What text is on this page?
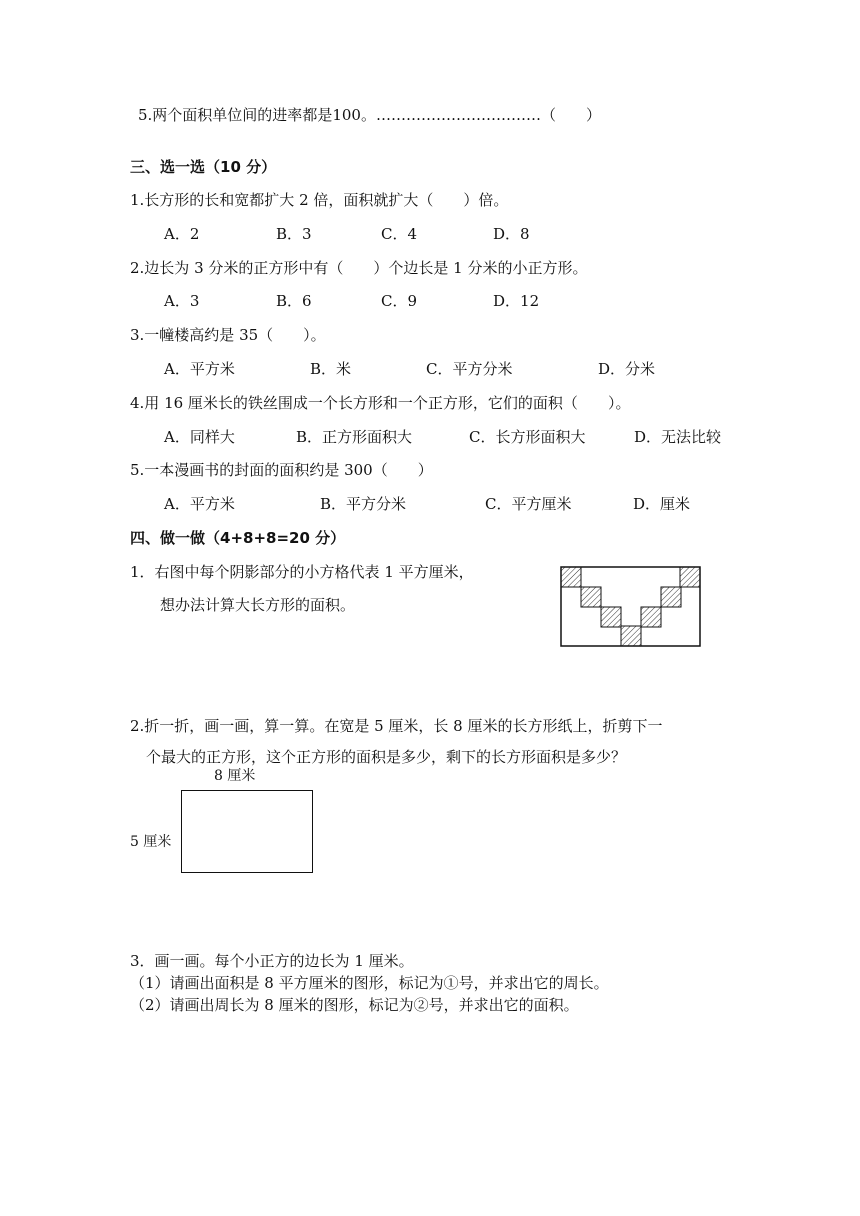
5.两个面积单位间的进率都是100。……………………………（　　）
三、选一选（10 分）
1.长方形的长和宽都扩大 2 倍，面积就扩大（　　）倍。
A．2	B．3	C．4	D．8
2.边长为 3 分米的正方形中有（　　）个边长是 1 分米的小正方形。
A．3	B．6	C．9	D．12
3.一幢楼高约是 35（　　）。
A．平方米	B．米	C．平方分米	D．分米
4.用 16 厘米长的铁丝围成一个长方形和一个正方形，它们的面积（　　）。
A．同样大	B．正方形面积大	C．长方形面积大	D．无法比较
5.一本漫画书的封面的面积约是 300（　　）
A．平方米	B．平方分米	C．平方厘米	D．厘米
四、做一做（4+8+8=20 分）
1．右图中每个阴影部分的小方格代表 1 平方厘米，
想办法计算大长方形的面积。
2.折一折，画一画，算一算。在宽是 5 厘米，长 8 厘米的长方形纸上，折剪下一
个最大的正方形，这个正方形的面积是多少，剩下的长方形面积是多少？
8 厘米
5 厘米
3．画一画。每个小正方的边长为 1 厘米。
（1）请画出面积是 8 平方厘米的图形，标记为①号，并求出它的周长。
（2）请画出周长为 8 厘米的图形，标记为②号，并求出它的面积。
